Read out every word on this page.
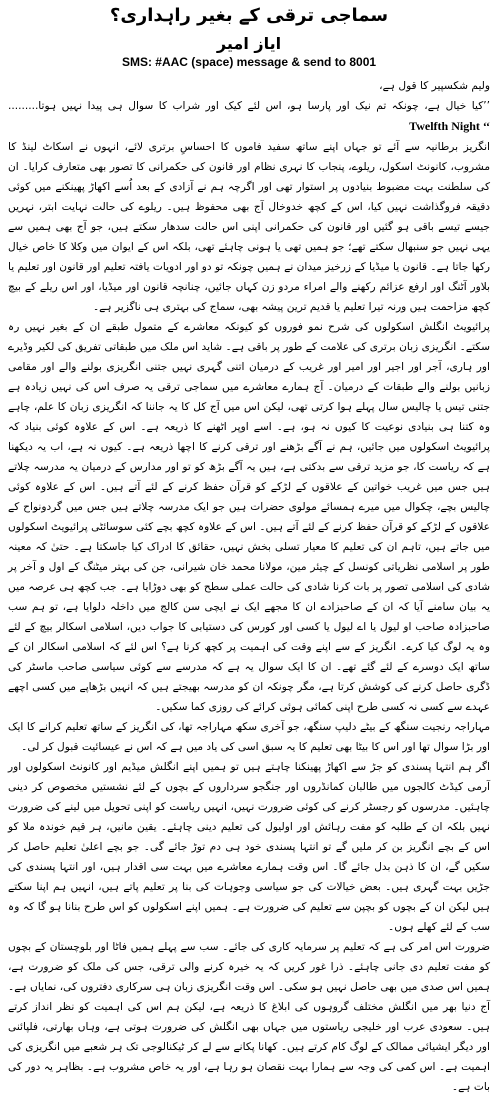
سماجی ترقی کے بغیر راہداری؟
ایاز امیر
SMS: #AAC (space) message & send to 8001

ولیم شکسپیر کا قول ہے،

’’کیا خیال ہے، چونکہ تم نیک اور پارسا ہو، اس لئے کیک اور شراب کا سوال ہی پیدا نہیں ہوتا......... Twelfth Night ‘‘

انگریز برطانیہ سے آئے تو جہاں اپنے ساتھ سفید فاموں کا احساسِ برتری لائے، انہوں نے اسکاٹ لینڈ کا مشروب، کانونٹ اسکول، ریلوے، پنجاب کا نہری نظام اور قانون کی حکمرانی کا تصور بھی متعارف کرایا۔ ان کی سلطنت بہت مضبوط بنیادوں پر استوار تھی اور اگرچہ ہم نے آزادی کے بعد اُسے اکھاڑ پھینکنے میں کوئی دقیقہ فروگذاشت نہیں کیا، اس کے کچھ خدوخال آج بھی محفوظ ہیں۔ ریلوے کی حالت نہایت ابتر، نہریں جیسے تیسے باقی ہو گئیں اور قانون کی حکمرانی اپنی اس حالت سدھار سکتے ہیں، جو آج بھی ہمیں سے یہی نہیں جو سنبھال سکتے تھے؛ جو ہمیں تھی یا ہونی چاہئے تھی، بلکہ اس کے ایوان میں وکلا کا خاص خیال رکھا جاتا ہے۔ قانون یا میڈیا کے زرخیز میدان نے ہمیں چونکہ تو دو اور ادویات یافتہ تعلیم اور قانون اور تعلیم یا بلاور آٹنگ اور ارفع عزائم رکھنے والے امراء مردو زن کہاں جائیں، چنانچہ قانون اور میڈیا، اور اس ریلے کے بیچ کچھ مزاحمت ہیں ورنہ تیرا تعلیم یا قدیم ترین پیشہ بھی، سماج کی بہتری ہی ناگزیر ہے۔

پرائیویٹ انگلش اسکولوں کی شرح نمو فوروں کو کیونکہ معاشرے کے متمول طبقے ان کے بغیر نہیں رہ سکتے۔ انگریزی زبان برتری کی علامت کے طور پر باقی ہے۔ شاید اس ملک میں طبقاتی تفریق کی لکیر وڈیرے اور ہاری، آجر اور اجیر اور امیر اور غریب کے درمیان اتنی گہری نہیں جتنی انگریزی بولنے والے اور مقامی زبانیں بولنے والے طبقات کے درمیان۔ آج ہمارے معاشرے میں سماجی ترقی یہ صرف اس کی نہیں زیادہ ہے جتنی تیس یا چالیس سال پہلے ہوا کرتی تھی، لیکن اس میں آج کل کا یہ جاننا کہ انگریزی زبان کا علم، چاہے وہ کتنا ہی بنیادی نوعیت کا کیوں نہ ہو، ہے۔ اسے اوپر اٹھنے کا ذریعہ ہے۔ اس کے علاوہ کوئی بنیاد کہ پرائیویٹ اسکولوں میں جائیں، ہم نے آگے بڑھنے اور ترقی کرنے کا اچھا ذریعہ ہے۔ کیوں نہ ہے، اب یہ دیکھنا ہے کہ ریاست کا، جو مزید ترقی سے بدکتی ہے، ہیں یہ آگے بڑھ کو تو اور مدارس کے درمیان یہ مدرسہ چلاتے ہیں جس میں غریب خواتین کے علاقوں کے لڑکے کو قرآن حفظ کرنے کے لئے آتے ہیں۔ اس کے علاوہ کوئی چالیس بچے، چکوال میں میرے ہمسائے مولوی حضرات ہیں جو ایک مدرسہ چلاتے ہیں جس میں گردونواح کے علاقوں کے لڑکے کو قرآن حفظ کرنے کے لئے آتے ہیں۔ اس کے علاوہ کچھ بچے کئی سوسائٹی پرائیویٹ اسکولوں میں جاتے ہیں، تاہم ان کی تعلیم کا معیار تسلی بخش نہیں، حقائق کا ادراک کیا جاسکتا ہے۔ حتیٰ کہ معینہ طور پر اسلامی نظریاتی کونسل کے چیئر مین، مولانا محمد خان شیرانی، جن کی بہتر میٹنگ کے اول و آخر پر شادی کی اسلامی تصور پر بات کرنا شادی کی حالت عملی سطح کو بھی دوڑایا ہے۔ جب کچھ ہی عرصہ میں یہ بیان سامنے آیا کہ ان کے صاحبزادے ان کا مجھے ایک نے ایچی سن کالج میں داخلہ دلوایا ہے، تو ہم سب صاحبزادہ صاحب او لیول یا اے لیول یا کسی اور کورس کی دستیابی کا جواب دیں، اسلامی اسکالر بیچ کے لئے وہ یہ لوگ کیا کرے۔ انگریز کے سے اپنے وقت کی اہمیت پر کچھ کرنا ہے؟ اس لئے کہ اسلامی اسکالر ان کے ساتھ ایک دوسرے کے لئے گئے تھے۔ ان کا ایک سوال یہ ہے کہ مدرسے سے کوئی سیاسی صاحب ماسٹر کی ڈگری حاصل کرنے کی کوشش کرتا ہے، مگر چونکہ ان کو مدرسہ بھیجتے ہیں کہ انہیں بڑھاپے میں کسی اچھے عہدے سے کسی نہ کسی طرح اپنی کمائی ہوئی کرائے کی روزی کما سکیں۔

مہاراجہ رنجیت سنگھ کے بیٹے دلیپ سنگھ، جو آخری سکھ مہاراجہ تھا، کی انگریز کے ساتھ تعلیم کرانے کا ایک اور بڑا سوال تھا اور اس کا بیٹا بھی تعلیم کا یہ سبق اسی کی یاد میں ہے کہ اس نے عیسائیت قبول کر لی۔

اگر ہم انتہا پسندی کو جڑ سے اکھاڑ پھینکنا چاہتے ہیں تو ہمیں اپنے انگلش میڈیم اور کانونٹ اسکولوں اور آرمی کیڈٹ کالجوں میں طالبان کمانڈروں اور جنگجو سرداروں کے بچوں کے لئے نشستیں مخصوص کر دینی چاہئیں۔ مدرسوں کو رجسٹر کرنے کی کوئی ضرورت نہیں، انہیں ریاست کو اپنی تحویل میں لینے کی ضرورت نہیں بلکہ ان کے طلبہ کو مفت رہائش اور اولیول کی تعلیم دینی چاہئے۔ یقین مانیں، ہر قیم خوندہ ملا کو اس کے بچے انگریز بن کر ملیں گے تو انتہا پسندی خود ہی دم توڑ جائے گی۔ جو بچے اعلیٰ تعلیم حاصل کر سکیں گے، ان کا ذہن بدل جائے گا۔ اس وقت ہمارے معاشرے میں بہت سی اقدار ہیں، اور انتہا پسندی کی جڑیں بہت گہری ہیں۔ بعض خیالات کی جو سیاسی وجوہات کی بنا پر تعلیم پاتے ہیں، انہیں ہم اپنا سکتے ہیں لیکن ان کے بچوں کو بچپن سے تعلیم کی ضرورت ہے۔ ہمیں اپنے اسکولوں کو اس طرح بنانا ہو گا کہ وہ سب کے لئے کھلے ہوں۔

ضرورت اس امر کی ہے کہ تعلیم پر سرمایہ کاری کی جائے۔ سب سے پہلے ہمیں فاٹا اور بلوچستان کے بچوں کو مفت تعلیم دی جانی چاہئے۔ ذرا غور کریں کہ یہ خیرہ کرنے والی ترقی، جس کی ملک کو ضرورت ہے، ہمیں اس صدی میں بھی حاصل نہیں ہو سکی۔ اس وقت انگریزی زبان ہی سرکاری دفتروں کی، نمایاں ہے۔ آج دنیا بھر میں انگلش مختلف گروہوں کی ابلاغ کا ذریعہ ہے، لیکن ہم اس کی اہمیت کو نظر انداز کرتے ہیں۔ سعودی عرب اور خلیجی ریاستوں میں جہاں بھی انگلش کی ضرورت ہوتی ہے، وہاں بھارتی، فلپائنی اور دیگر ایشیائی ممالک کے لوگ کام کرتے ہیں۔ کھانا پکانے سے لے کر ٹیکنالوجی تک ہر شعبے میں انگریزی کی اہمیت ہے۔ اس کمی کی وجہ سے ہمارا بہت نقصان ہو رہا ہے، اور یہ خاص مشروب ہے۔ بظاہر یہ دور کی بات ہے۔
